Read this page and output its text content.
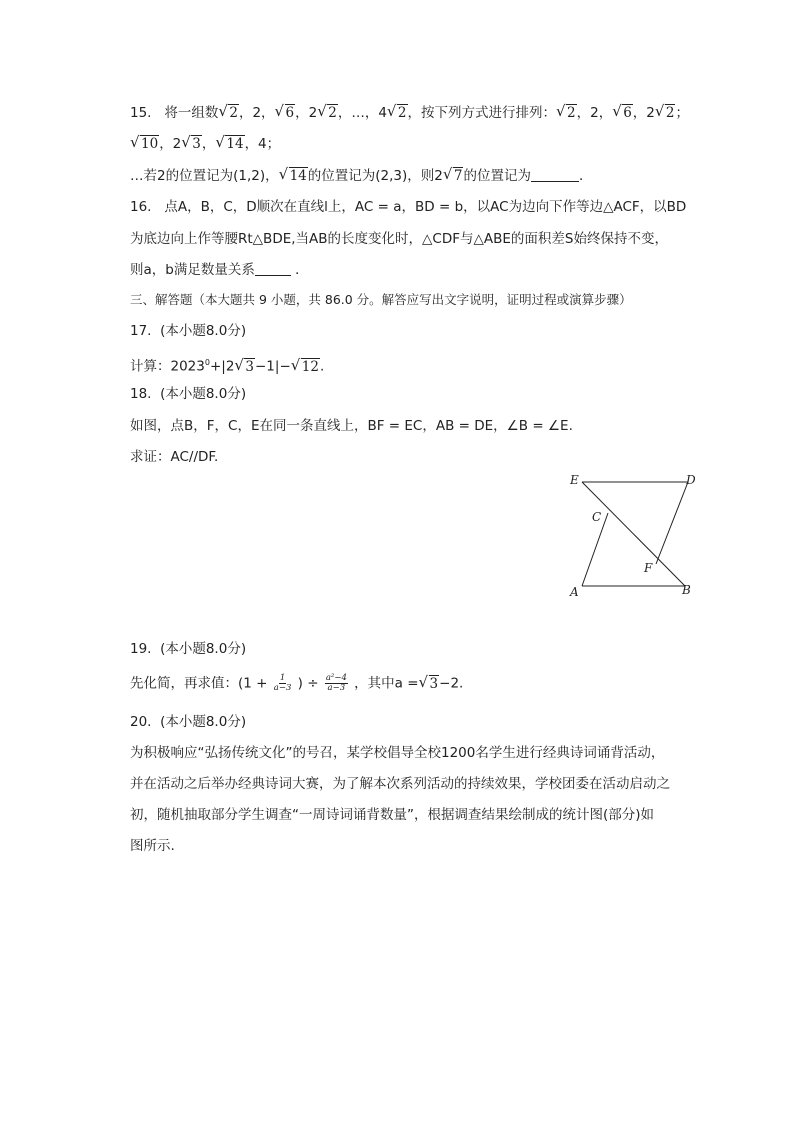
15. 将一组数√ 2，2，√ 6，2√ 2，…，4√ 2，按下列方式进行排列：√ 2，2，√ 6，2√ 2；
√ 10，2√ 3，√ 14，4；
…若2的位置记为(1,2)，√ 14的位置记为(2,3)，则2√ 7的位置记为	．
16. 点A，B，C，D顺次在直线l上，AC = a，BD = b，以AC为边向下作等边△ACF，以BD
为底边向上作等腰Rt△BDE,当AB的长度变化时，△CDF与△ABE的面积差S始终保持不变，
则a，b满足数量关系	．
三、解答题（本大题共 9 小题，共 86.0 分。解答应写出文字说明，证明过程或演算步骤）
17. (本小题8.0分)
计算：$2023^0+|2√$ 3−1|−√ 12.
18. (本小题8.0分)
如图，点B，F，C，E在同一条直线上，BF = EC，AB = DE，∠B = ∠E.
求证：AC//DF.
E	D
C
F
A	B
19. (本小题8.0分)
先化简，再求值：($1 + \frac{1}{a-3}$ ) ÷ $\frac{\text{a²−4}}{a-3}$ ，其中a =√ 3−2.
20. (本小题8.0分)
为积极响应“弘扬传统文化”的号召，某学校倡导全校1200名学生进行经典诗词诵背活动，
并在活动之后举办经典诗词大赛，为了解本次系列活动的持续效果，学校团委在活动启动之
初，随机抽取部分学生调查“一周诗词诵背数量”，根据调查结果绘制成的统计图(部分)如
图所示.
